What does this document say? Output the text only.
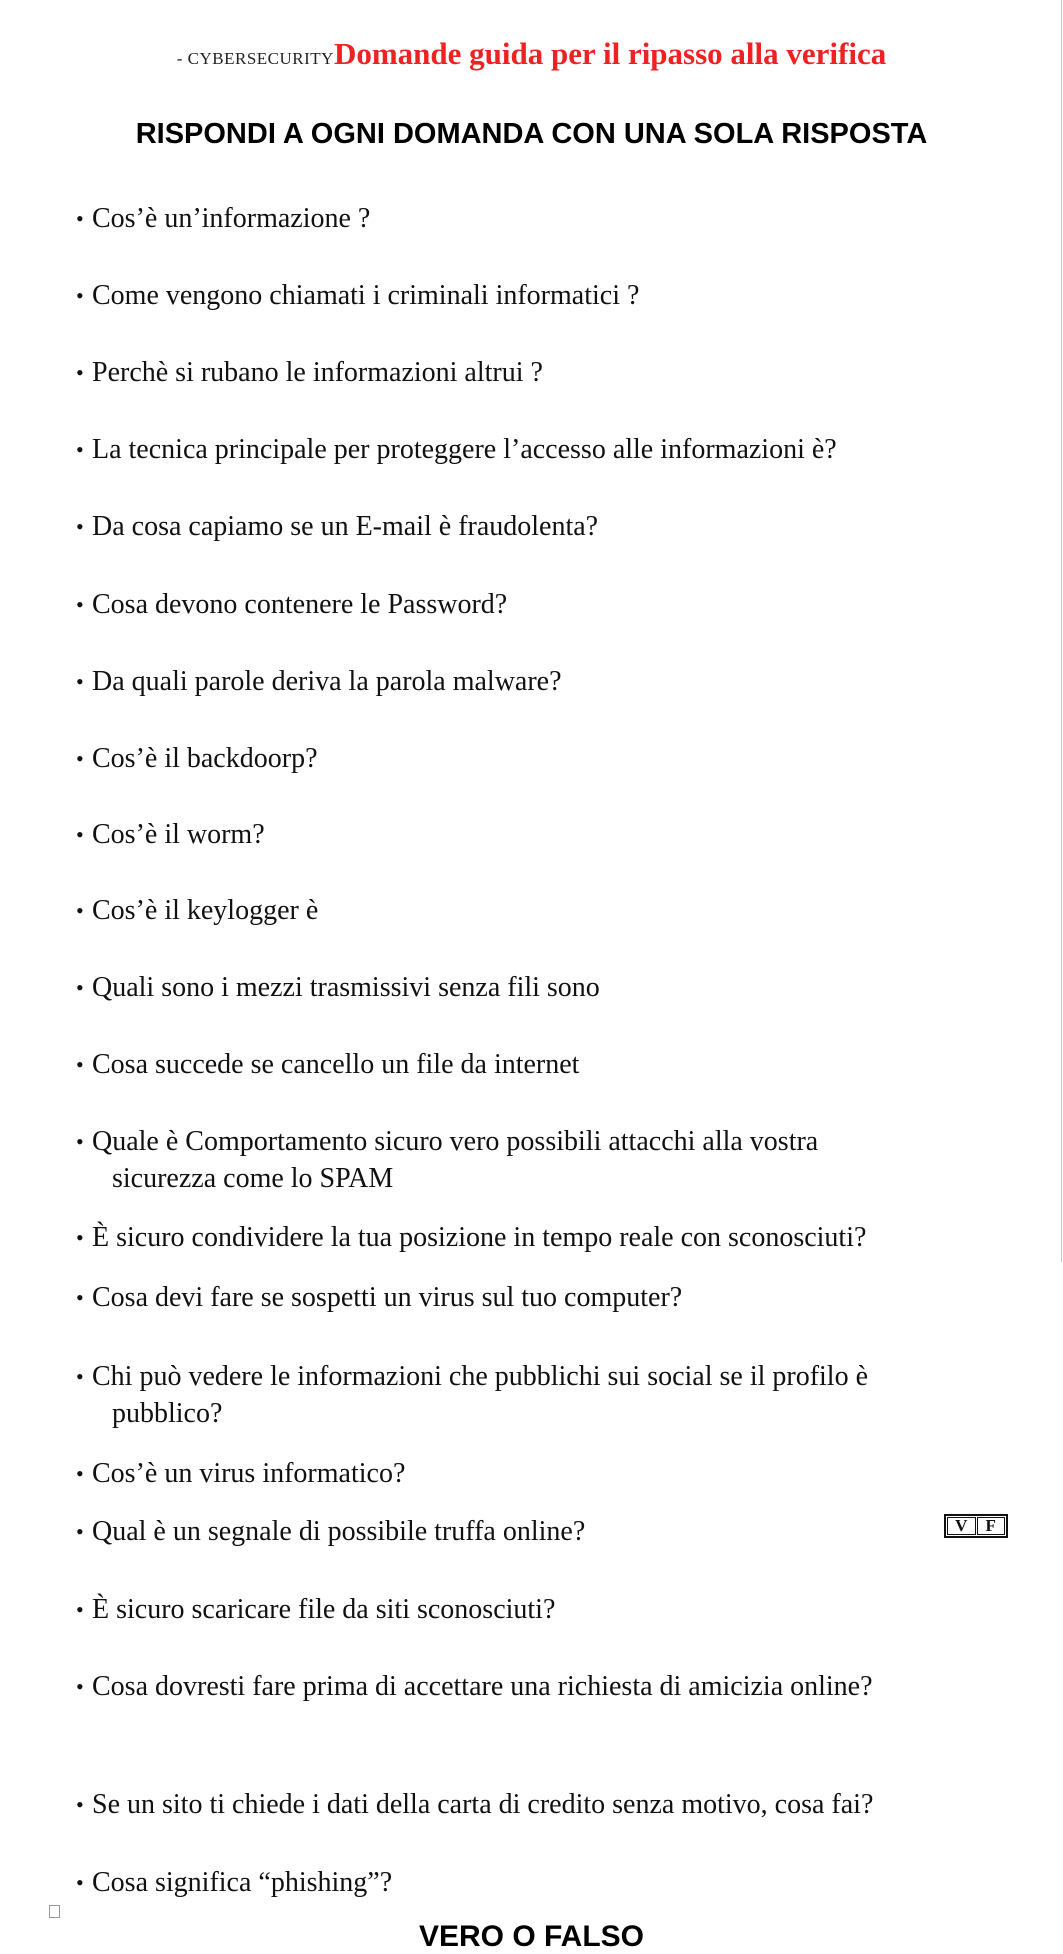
- CYBERSECURITYDomande guida per il ripasso alla verifica
RISPONDI A OGNI DOMANDA CON UNA SOLA RISPOSTA
• Cos’è un’informazione ?
• Come vengono chiamati i criminali informatici ?
• Perchè si rubano le informazioni altrui ?
• La tecnica principale per proteggere l’accesso alle informazioni è?
• Da cosa capiamo se un E-mail è fraudolenta?
• Cosa devono contenere le Password?
• Da quali parole deriva la parola malware?
• Cos’è il backdoorp?
• Cos’è il worm?
• Cos’è il keylogger è
• Quali sono i mezzi trasmissivi senza fili sono
• Cosa succede se cancello un file da internet
• Quale è Comportamento sicuro vero possibili attacchi alla vostra sicurezza come lo SPAM
• È sicuro condividere la tua posizione in tempo reale con sconosciuti?
• Cosa devi fare se sospetti un virus sul tuo computer?
• Chi può vedere le informazioni che pubblichi sui social se il profilo è pubblico?
• Cos’è un virus informatico?
• Qual è un segnale di possibile truffa online?
• È sicuro scaricare file da siti sconosciuti?
• Cosa dovresti fare prima di accettare una richiesta di amicizia online?
• Se un sito ti chiede i dati della carta di credito senza motivo, cosa fai?
• Cosa significa “phishing”?
V	F
VERO O FALSO
